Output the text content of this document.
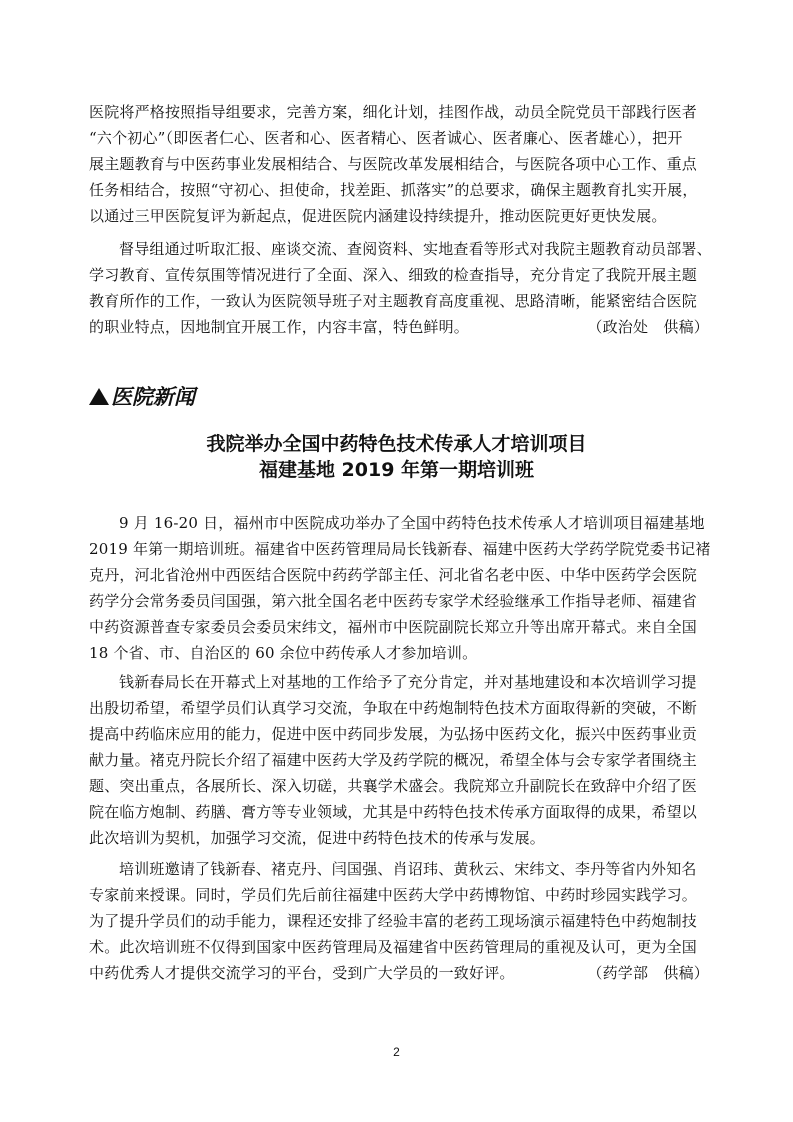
医院将严格按照指导组要求，完善方案，细化计划，挂图作战，动员全院党员干部践行医者
“六个初心”（即医者仁心、医者和心、医者精心、医者诚心、医者廉心、医者雄心），把开
展主题教育与中医药事业发展相结合、与医院改革发展相结合，与医院各项中心工作、重点
任务相结合，按照“守初心、担使命，找差距、抓落实”的总要求，确保主题教育扎实开展，
以通过三甲医院复评为新起点，促进医院内涵建设持续提升，推动医院更好更快发展。
督导组通过听取汇报、座谈交流、查阅资料、实地查看等形式对我院主题教育动员部署、
学习教育、宣传氛围等情况进行了全面、深入、细致的检查指导，充分肯定了我院开展主题
教育所作的工作，一致认为医院领导班子对主题教育高度重视、思路清晰，能紧密结合医院
的职业特点，因地制宜开展工作，内容丰富，特色鲜明。	（政治处　供稿）
医院新闻
我院举办全国中药特色技术传承人才培训项目
福建基地 2019 年第一期培训班
9 月 16-20 日，福州市中医院成功举办了全国中药特色技术传承人才培训项目福建基地
2019 年第一期培训班。福建省中医药管理局局长钱新春、福建中医药大学药学院党委书记褚
克丹，河北省沧州中西医结合医院中药药学部主任、河北省名老中医、中华中医药学会医院
药学分会常务委员闫国强，第六批全国名老中医药专家学术经验继承工作指导老师、福建省
中药资源普查专家委员会委员宋纬文，福州市中医院副院长郑立升等出席开幕式。来自全国
18 个省、市、自治区的 60 余位中药传承人才参加培训。
钱新春局长在开幕式上对基地的工作给予了充分肯定，并对基地建设和本次培训学习提
出殷切希望，希望学员们认真学习交流，争取在中药炮制特色技术方面取得新的突破，不断
提高中药临床应用的能力，促进中医中药同步发展，为弘扬中医药文化，振兴中医药事业贡
献力量。褚克丹院长介绍了福建中医药大学及药学院的概况，希望全体与会专家学者围绕主
题、突出重点，各展所长、深入切磋，共襄学术盛会。我院郑立升副院长在致辞中介绍了医
院在临方炮制、药膳、膏方等专业领域，尤其是中药特色技术传承方面取得的成果，希望以
此次培训为契机，加强学习交流，促进中药特色技术的传承与发展。
培训班邀请了钱新春、褚克丹、闫国强、肖诏玮、黄秋云、宋纬文、李丹等省内外知名
专家前来授课。同时，学员们先后前往福建中医药大学中药博物馆、中药时珍园实践学习。
为了提升学员们的动手能力，课程还安排了经验丰富的老药工现场演示福建特色中药炮制技
术。此次培训班不仅得到国家中医药管理局及福建省中医药管理局的重视及认可，更为全国
中药优秀人才提供交流学习的平台，受到广大学员的一致好评。	（药学部　供稿）
2
